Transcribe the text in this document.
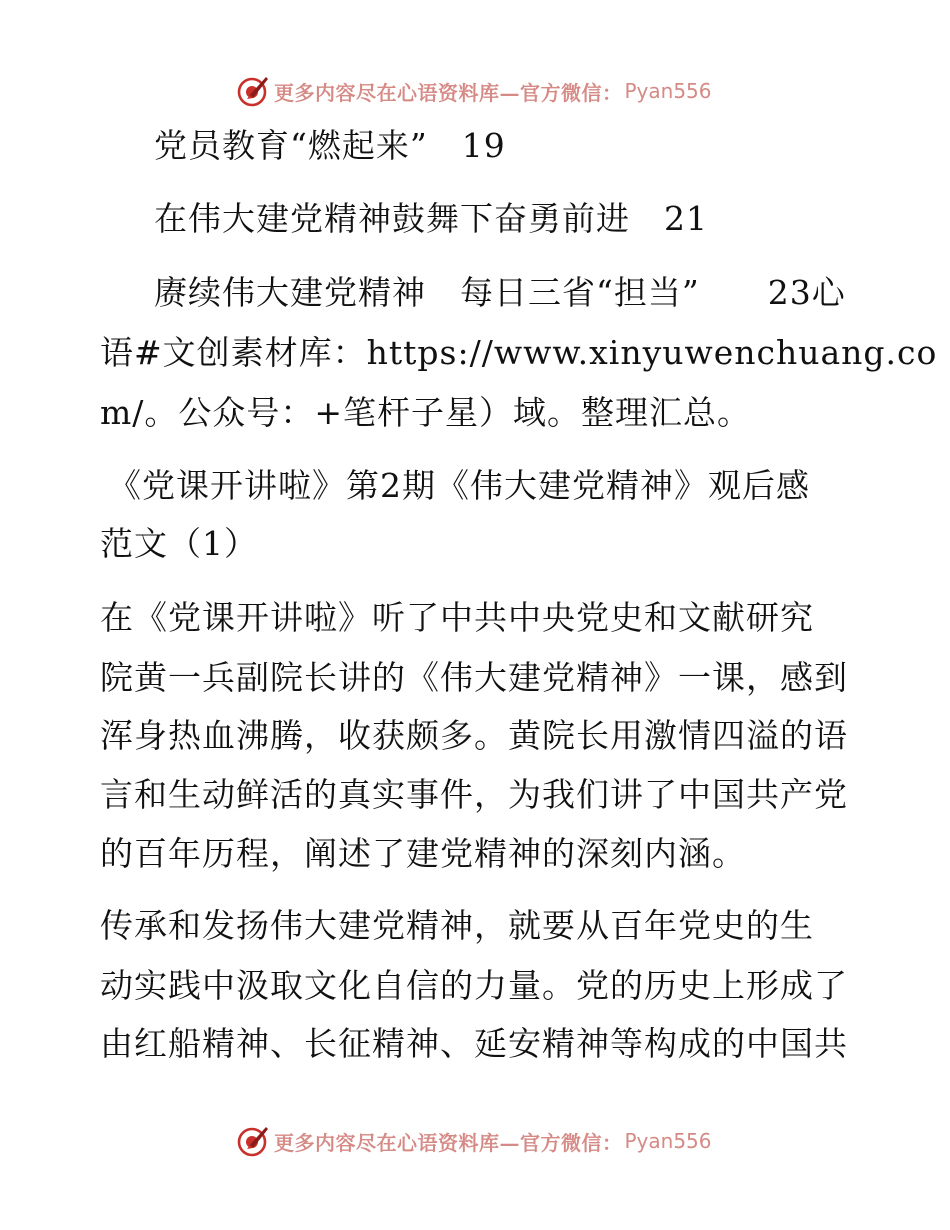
更多内容尽在心语资料库—官方微信： Pyan556
党员教育“燃起来”　19
在伟大建党精神鼓舞下奋勇前进　21
赓续伟大建党精神　每日三省“担当”　　23心
语#文创素材库：https://www.xinyuwenchuang.co
m/。公众号：+笔杆子星）域。整理汇总。
《党课开讲啦》第2期《伟大建党精神》观后感
范文（1）
在《党课开讲啦》听了中共中央党史和文献研究
院黄一兵副院长讲的《伟大建党精神》一课，感到
浑身热血沸腾，收获颇多。黄院长用激情四溢的语
言和生动鲜活的真实事件，为我们讲了中国共产党
的百年历程，阐述了建党精神的深刻内涵。
传承和发扬伟大建党精神，就要从百年党史的生
动实践中汲取文化自信的力量。党的历史上形成了
由红船精神、长征精神、延安精神等构成的中国共
更多内容尽在心语资料库—官方微信： Pyan556
